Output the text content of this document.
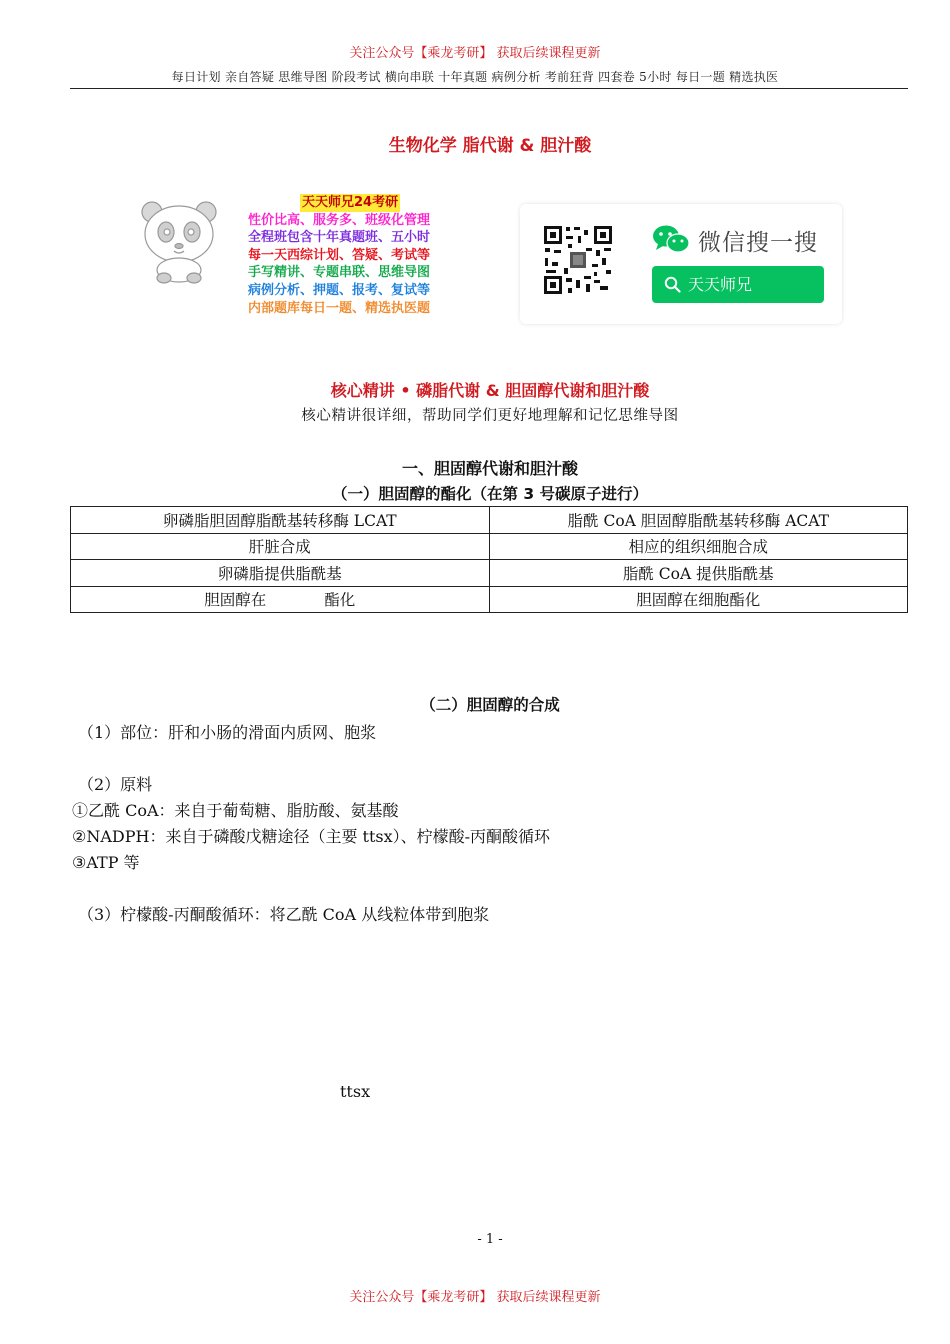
关注公众号【乘龙考研】 获取后续课程更新
每日计划 亲自答疑 思维导图 阶段考试 横向串联 十年真题 病例分析 考前狂背 四套卷 5小时 每日一题 精选执医
生物化学 脂代谢 & 胆汁酸
天天师兄24考研
性价比高、服务多、班级化管理
全程班包含十年真题班、五小时
每一天西综计划、答疑、考试等
手写精讲、专题串联、思维导图
病例分析、押题、报考、复试等
内部题库每日一题、精选执医题
微信搜一搜
天天师兄
核心精讲 • 磷脂代谢 & 胆固醇代谢和胆汁酸
核心精讲很详细，帮助同学们更好地理解和记忆思维导图
一、胆固醇代谢和胆汁酸
（一）胆固醇的酯化（在第 3 号碳原子进行）
卵磷脂胆固醇脂酰基转移酶 LCAT	脂酰 CoA 胆固醇脂酰基转移酶 ACAT
肝脏合成	相应的组织细胞合成
卵磷脂提供脂酰基	脂酰 CoA 提供脂酰基
胆固醇在 酯化	胆固醇在细胞酯化
（二）胆固醇的合成
（1）部位：肝和小肠的滑面内质网、胞浆
（2）原料
①乙酰 CoA：来自于葡萄糖、脂肪酸、氨基酸
②NADPH：来自于磷酸戊糖途径（主要 ttsx）、柠檬酸-丙酮酸循环
③ATP 等
（3）柠檬酸-丙酮酸循环：将乙酰 CoA 从线粒体带到胞浆
ttsx
- 1 -
关注公众号【乘龙考研】 获取后续课程更新
